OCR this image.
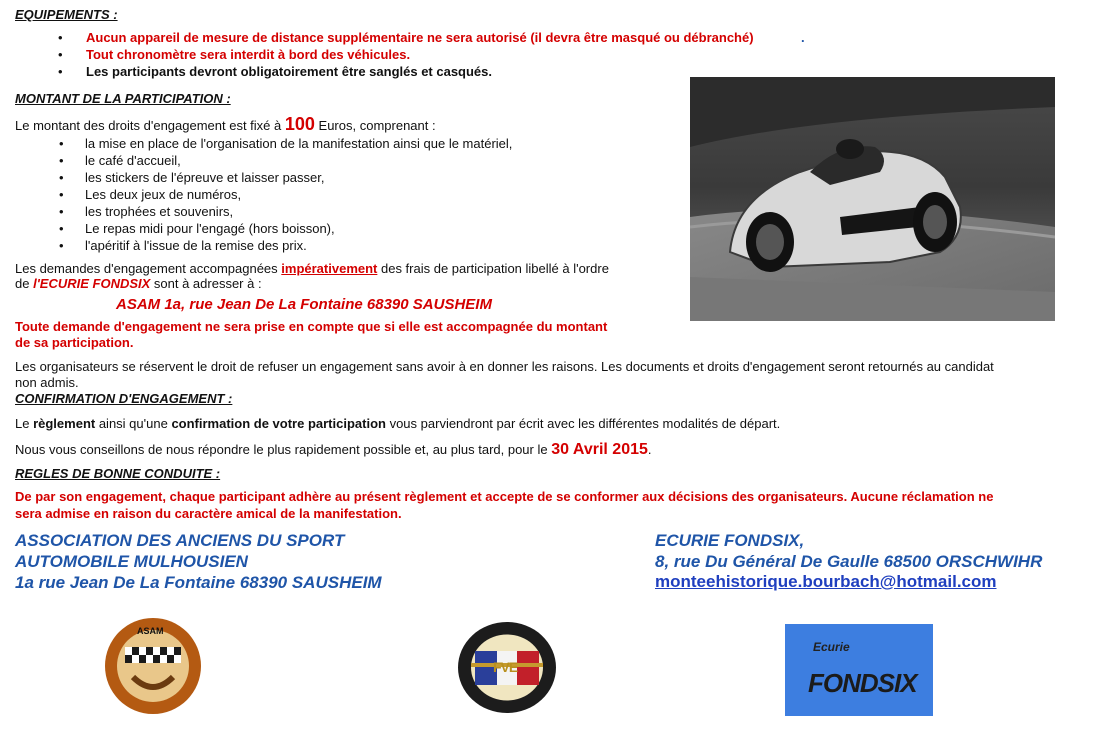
EQUIPEMENTS :
• Aucun appareil de mesure de distance supplémentaire ne sera autorisé (il devra être masqué ou débranché)	.
• Tout chronomètre sera interdit à bord des véhicules.
• Les participants devront obligatoirement être sanglés et casqués.
MONTANT DE LA PARTICIPATION :
Le montant des droits d'engagement est fixé à 100 Euros, comprenant :
• la mise en place de l'organisation de la manifestation ainsi que le matériel,
• le café d'accueil,
• les stickers de l'épreuve et laisser passer,
• Les deux jeux de numéros,
• les trophées et souvenirs,
• Le repas midi pour l'engagé (hors boisson),
• l'apéritif à l'issue de la remise des prix.
Les demandes d'engagement accompagnées impérativement des frais de participation libellé à l'ordre
de l'ECURIE FONDSIX sont à adresser à :
ASAM 1a, rue Jean De La Fontaine 68390 SAUSHEIM
Toute demande d'engagement ne sera prise en compte que si elle est accompagnée du montant
de sa participation.
Les organisateurs se réservent le droit de refuser un engagement sans avoir à en donner les raisons. Les documents et droits d'engagement seront retournés au candidat
non admis.
CONFIRMATION D'ENGAGEMENT :
Le règlement ainsi qu'une confirmation de votre participation vous parviendront par écrit avec les différentes modalités de départ.
Nous vous conseillons de nous répondre le plus rapidement possible et, au plus tard, pour le 30 Avril 2015.
REGLES DE BONNE CONDUITE :
De par son engagement, chaque participant adhère au présent règlement et accepte de se conformer aux décisions des organisateurs. Aucune réclamation ne
sera admise en raison du caractère amical de la manifestation.
ASSOCIATION DES ANCIENS DU SPORT
AUTOMOBILE MULHOUSIEN
1a rue Jean De La Fontaine 68390 SAUSHEIM
ECURIE FONDSIX,
8, rue Du Général De Gaulle 68500 ORSCHWIHR
monteehistorique.bourbach@hotmail.com
ASAM
FVE
Ecurie
FONDSIX
